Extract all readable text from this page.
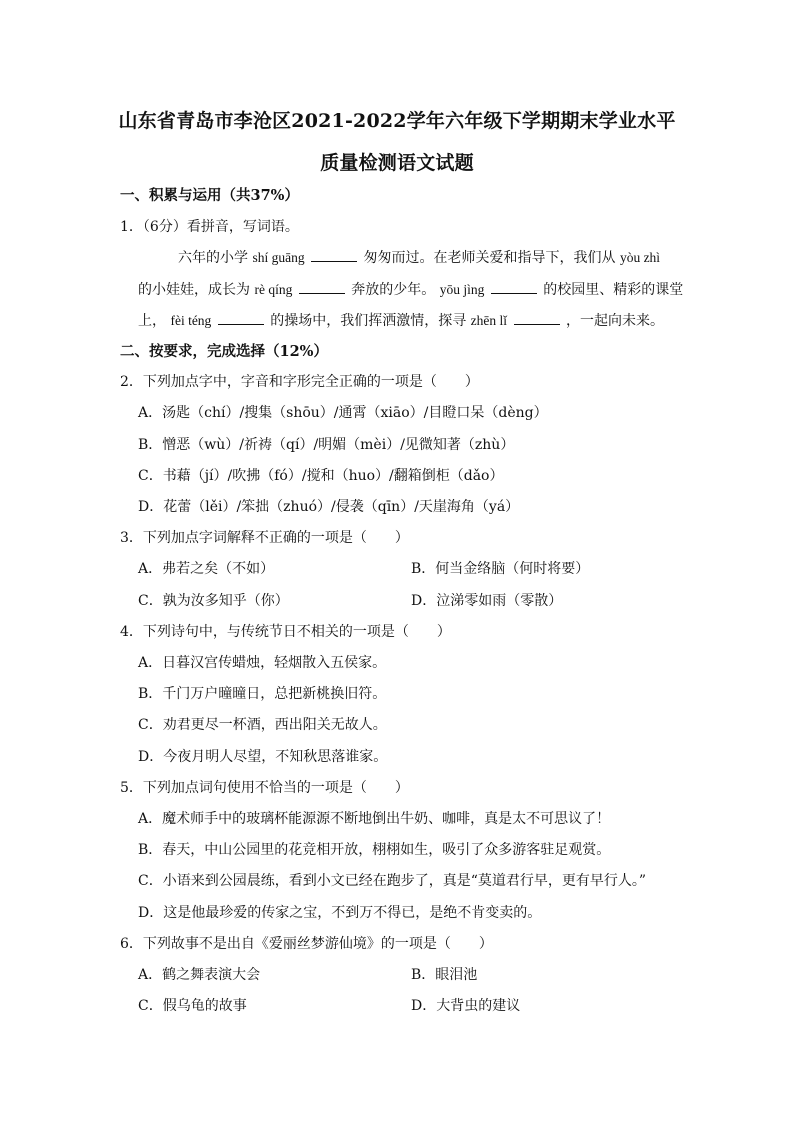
山东省青岛市李沧区2021-2022学年六年级下学期期末学业水平
质量检测语文试题
一、积累与运用（共37%）
1．（6分）看拼音，写词语。
六年的小学 shí guāng	匆匆而过。在老师关爱和指导下，我们从 yòu zhì
的小娃娃，成长为 rè qíng	奔放的少年。 yōu jìng	的校园里、精彩的课堂
上， fèi téng	的操场中，我们挥洒激情，探寻 zhēn lǐ	，一起向未来。
二、按要求，完成选择（12%）
2．下列加点字中，字音和字形完全正确的一项是（　　）
A．汤匙（chí）/搜集（shōu）/通霄（xiāo）/目瞪口呆（dèng）
B．憎恶（wù）/祈祷（qí）/明媚（mèi）/见微知著（zhù）
C．书藉（jí）/吹拂（fó）/搅和（huo）/翻箱倒柜（dǎo）
D．花蕾（lěi）/笨拙（zhuó）/侵袭（qīn）/天崖海角（yá）
3．下列加点字词解释不正确的一项是（　　）
A．弗若之矣（不如）	B．何当金络脑（何时将要）
C．孰为汝多知乎（你）	D．泣涕零如雨（零散）
4．下列诗句中，与传统节日不相关的一项是（　　）
A．日暮汉宫传蜡烛，轻烟散入五侯家。
B．千门万户曈曈日，总把新桃换旧符。
C．劝君更尽一杯酒，西出阳关无故人。
D．今夜月明人尽望，不知秋思落谁家。
5．下列加点词句使用不恰当的一项是（　　）
A．魔术师手中的玻璃杯能源源不断地倒出牛奶、咖啡，真是太不可思议了！
B．春天，中山公园里的花竞相开放，栩栩如生，吸引了众多游客驻足观赏。
C．小语来到公园晨练，看到小文已经在跑步了，真是“莫道君行早，更有早行人。”
D．这是他最珍爱的传家之宝，不到万不得已，是绝不肯变卖的。
6．下列故事不是出自《爱丽丝梦游仙境》的一项是（　　）
A．鹤之舞表演大会	B．眼泪池
C．假乌龟的故事	D．大背虫的建议
